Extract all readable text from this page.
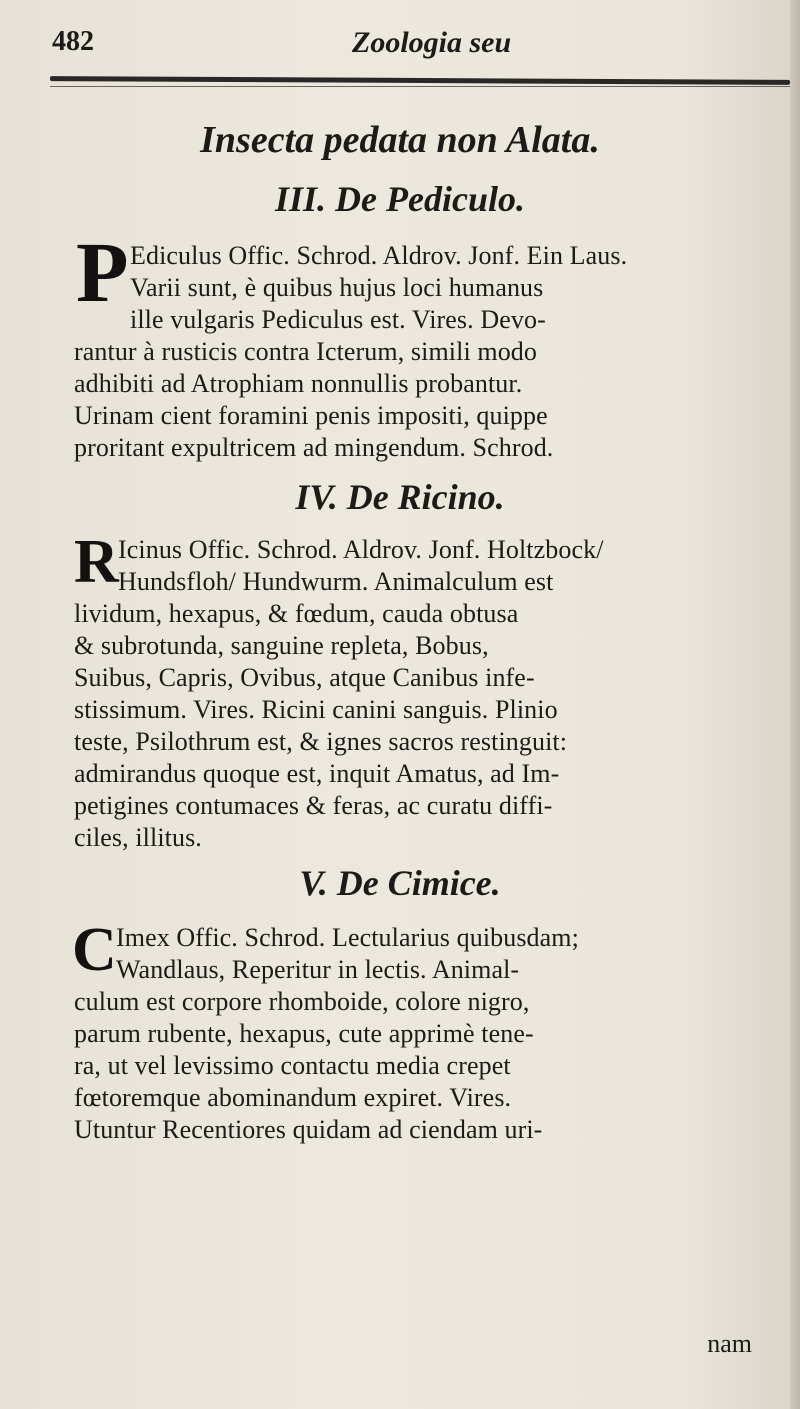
482	Zoologia seu
Insecta pedata non Alata.
III. De Pediculo.
P Ediculus Offic. Schrod. Aldrov. Jonf. Ein Laus.
Varii sunt, è quibus hujus loci humanus
ille vulgaris Pediculus est. Vires. Devo-
rantur à rusticis contra Icterum, simili modo
adhibiti ad Atrophiam nonnullis probantur.
Urinam cient foramini penis impositi, quippe
proritant expultricem ad mingendum. Schrod.
IV. De Ricino.
R Icinus Offic. Schrod. Aldrov. Jonf. Holtzbock/
Hundsfloh/ Hundwurm. Animalculum est
lividum, hexapus, & fœdum, cauda obtusa
& subrotunda, sanguine repleta, Bobus,
Suibus, Capris, Ovibus, atque Canibus infe-
stissimum. Vires. Ricini canini sanguis. Plinio
teste, Psilothrum est, & ignes sacros restinguit:
admirandus quoque est, inquit Amatus, ad Im-
petigines contumaces & feras, ac curatu diffi-
ciles, illitus.
V. De Cimice.
C Imex Offic. Schrod. Lectularius quibusdam;
Wandlaus, Reperitur in lectis. Animal-
culum est corpore rhomboide, colore nigro,
parum rubente, hexapus, cute apprimè tene-
ra, ut vel levissimo contactu media crepet
fœtoremque abominandum expiret. Vires.
Utuntur Recentiores quidam ad ciendam uri-
nam
